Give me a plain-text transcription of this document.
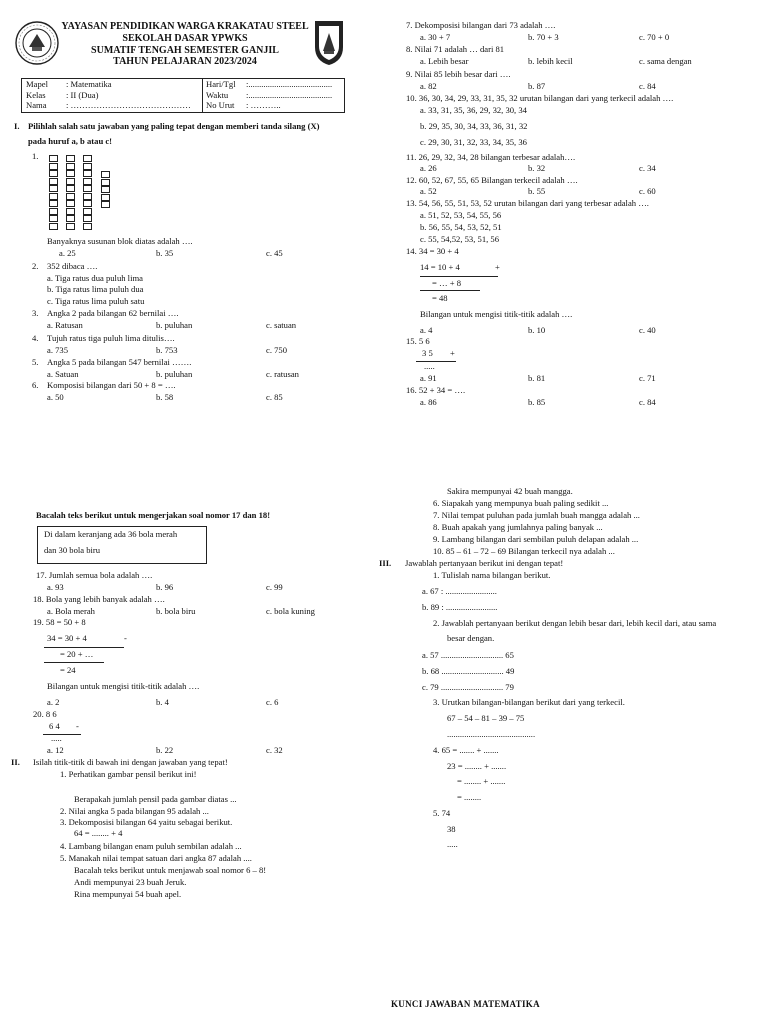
YAYASAN PENDIDIKAN WARGA KRAKATAU STEEL
SEKOLAH DASAR YPWKS
SUMATIF TENGAH SEMESTER GANJIL
TAHUN PELAJARAN 2023/2024
Mapel : Matematika
Kelas : II (Dua)
Nama : ……………………………………
Hari/Tgl :.......................................
Waktu :.......................................
No Urut : ………..
I. Pilihlah salah satu jawaban yang paling tepat dengan memberi tanda silang (X)
pada huruf a, b atau c!
1.
Banyaknya susunan blok diatas adalah ….
a. 25	b. 35	c. 45
2. 352 dibaca ….
a. Tiga ratus dua puluh lima
b. Tiga ratus lima puluh dua
c. Tiga ratus lima puluh satu
3. Angka 2 pada bilangan 62 bernilai ….
a. Ratusan	b. puluhan	c. satuan
4. Tujuh ratus tiga puluh lima ditulis….
a. 735	b. 753	c. 750
5. Angka 5 pada bilangan 547 bernilai …….
a. Satuan	b. puluhan	c. ratusan
6. Komposisi bilangan dari 50 + 8 = ….
a. 50	b. 58	c. 85
7. Dekomposisi bilangan dari 73 adalah ….
a. 30 + 7	b. 70 + 3	c. 70 + 0
8. Nilai 71 adalah … dari 81
a. Lebih besar	b. lebih kecil	c. sama dengan
9. Nilai 85 lebih besar dari ….
a. 82	b. 87	c. 84
10. 36, 30, 34, 29, 33, 31, 35, 32 urutan bilangan dari yang terkecil adalah ….
a. 33, 31, 35, 36, 29, 32, 30, 34
b. 29, 35, 30, 34, 33, 36, 31, 32
c. 29, 30, 31, 32, 33, 34, 35, 36
11. 26, 29, 32, 34, 28 bilangan terbesar adalah….
a. 26	b. 32	c. 34
12. 60, 52, 67, 55, 65 Bilangan terkecil adalah ….
a. 52	b. 55	c. 60
13. 54, 56, 55, 51, 53, 52 urutan bilangan dari yang terbesar adalah ….
a. 51, 52, 53, 54, 55, 56
b. 56, 55, 54, 53, 52, 51
c. 55, 54,52, 53, 51, 56
14. 34 = 30 + 4
14 = 10 + 4	+
= … + 8
= 48
Bilangan untuk mengisi titik-titik adalah ….
a. 4	b. 10	c. 40
15. 5 6
3 5 +
.....
a. 91	b. 81	c. 71
16. 52 + 34 = ….
a. 86	b. 85	c. 84
Bacalah teks berikut untuk mengerjakan soal nomor 17 dan 18!
Di dalam keranjang ada 36 bola merah
dan 30 bola biru
17. Jumlah semua bola adalah ….
a. 93	b. 96	c. 99
18. Bola yang lebih banyak adalah ….
a. Bola merah	b. bola biru	c. bola kuning
19. 58 = 50 + 8
34 = 30 + 4	-
= 20 + …
= 24
Bilangan untuk mengisi titik-titik adalah ….
a. 2	b. 4	c. 6
20. 8 6
6 4 -
.....
a. 12	b. 22	c. 32
II. Isilah titik-titik di bawah ini dengan jawaban yang tepat!
1. Perhatikan gambar pensil berikut ini!
Berapakah jumlah pensil pada gambar diatas ...
2. Nilai angka 5 pada bilangan 95 adalah ...
3. Dekomposisi bilangan 64 yaitu sebagai berikut.
64 = ........ + 4
4. Lambang bilangan enam puluh sembilan adalah ...
5. Manakah nilai tempat satuan dari angka 87 adalah ....
Bacalah teks berikut untuk menjawab soal nomor 6 – 8!
Andi mempunyai 23 buah Jeruk.
Rina mempunyai 54 buah apel.
Sakira mempunyai 42 buah mangga.
6. Siapakah yang mempunya buah paling sedikit ...
7. Nilai tempat puluhan pada jumlah buah mangga adalah ...
8. Buah apakah yang jumlahnya paling banyak ...
9. Lambang bilangan dari sembilan puluh delapan adalah ...
10. 85 – 61 – 72 – 69 Bilangan terkecil nya adalah ...
III. Jawablah pertanyaan berikut ini dengan tepat!
1. Tulislah nama bilangan berikut.
a. 67 : ........................
b. 89 : ........................
2. Jawablah pertanyaan berikut dengan lebih besar dari, lebih kecil dari, atau sama
besar dengan.
a. 57 ............................. 65
b. 68 ............................. 49
c. 79 ............................. 79
3. Urutkan bilangan-bilangan berikut dari yang terkecil.
67 – 54 – 81 – 39 – 75
.........................................
4. 65 = ....... + .......
23 = ........ + .......
= ........ + .......
= ........
5. 74
38
.....
KUNCI JAWABAN MATEMATIKA
